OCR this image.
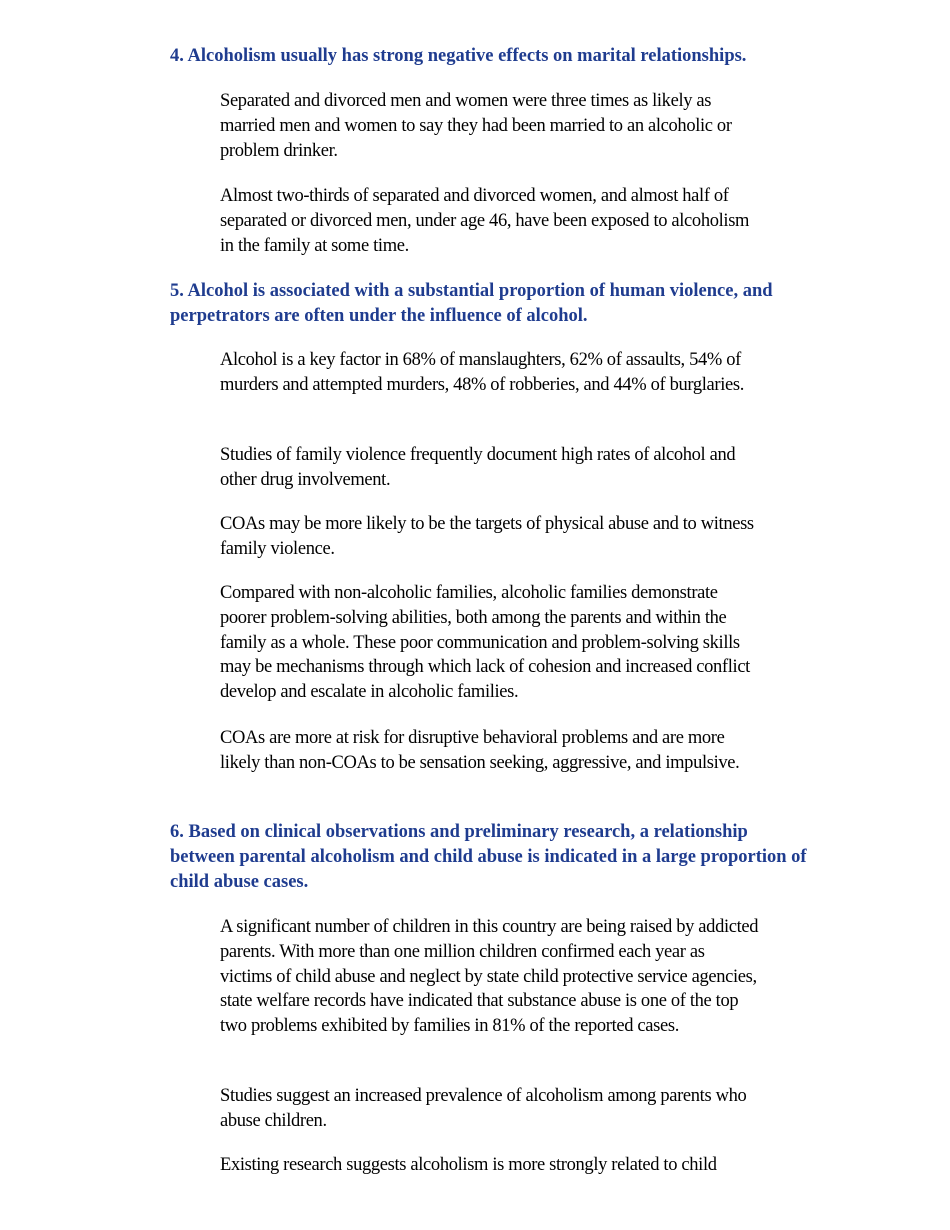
4. Alcoholism usually has strong negative effects on marital relationships.

Separated and divorced men and women were three times as likely as married men and women to say they had been married to an alcoholic or problem drinker.

Almost two-thirds of separated and divorced women, and almost half of separated or divorced men, under age 46, have been exposed to alcoholism in the family at some time.

5. Alcohol is associated with a substantial proportion of human violence, and perpetrators are often under the influence of alcohol.

Alcohol is a key factor in 68% of manslaughters, 62% of assaults, 54% of murders and attempted murders, 48% of robberies, and 44% of burglaries.

Studies of family violence frequently document high rates of alcohol and other drug involvement.

COAs may be more likely to be the targets of physical abuse and to witness family violence.

Compared with non-alcoholic families, alcoholic families demonstrate poorer problem-solving abilities, both among the parents and within the family as a whole. These poor communication and problem-solving skills may be mechanisms through which lack of cohesion and increased conflict develop and escalate in alcoholic families.

COAs are more at risk for disruptive behavioral problems and are more likely than non-COAs to be sensation seeking, aggressive, and impulsive.

6. Based on clinical observations and preliminary research, a relationship between parental alcoholism and child abuse is indicated in a large proportion of child abuse cases.

A significant number of children in this country are being raised by addicted parents. With more than one million children confirmed each year as victims of child abuse and neglect by state child protective service agencies, state welfare records have indicated that substance abuse is one of the top two problems exhibited by families in 81% of the reported cases.

Studies suggest an increased prevalence of alcoholism among parents who abuse children.

Existing research suggests alcoholism is more strongly related to child
